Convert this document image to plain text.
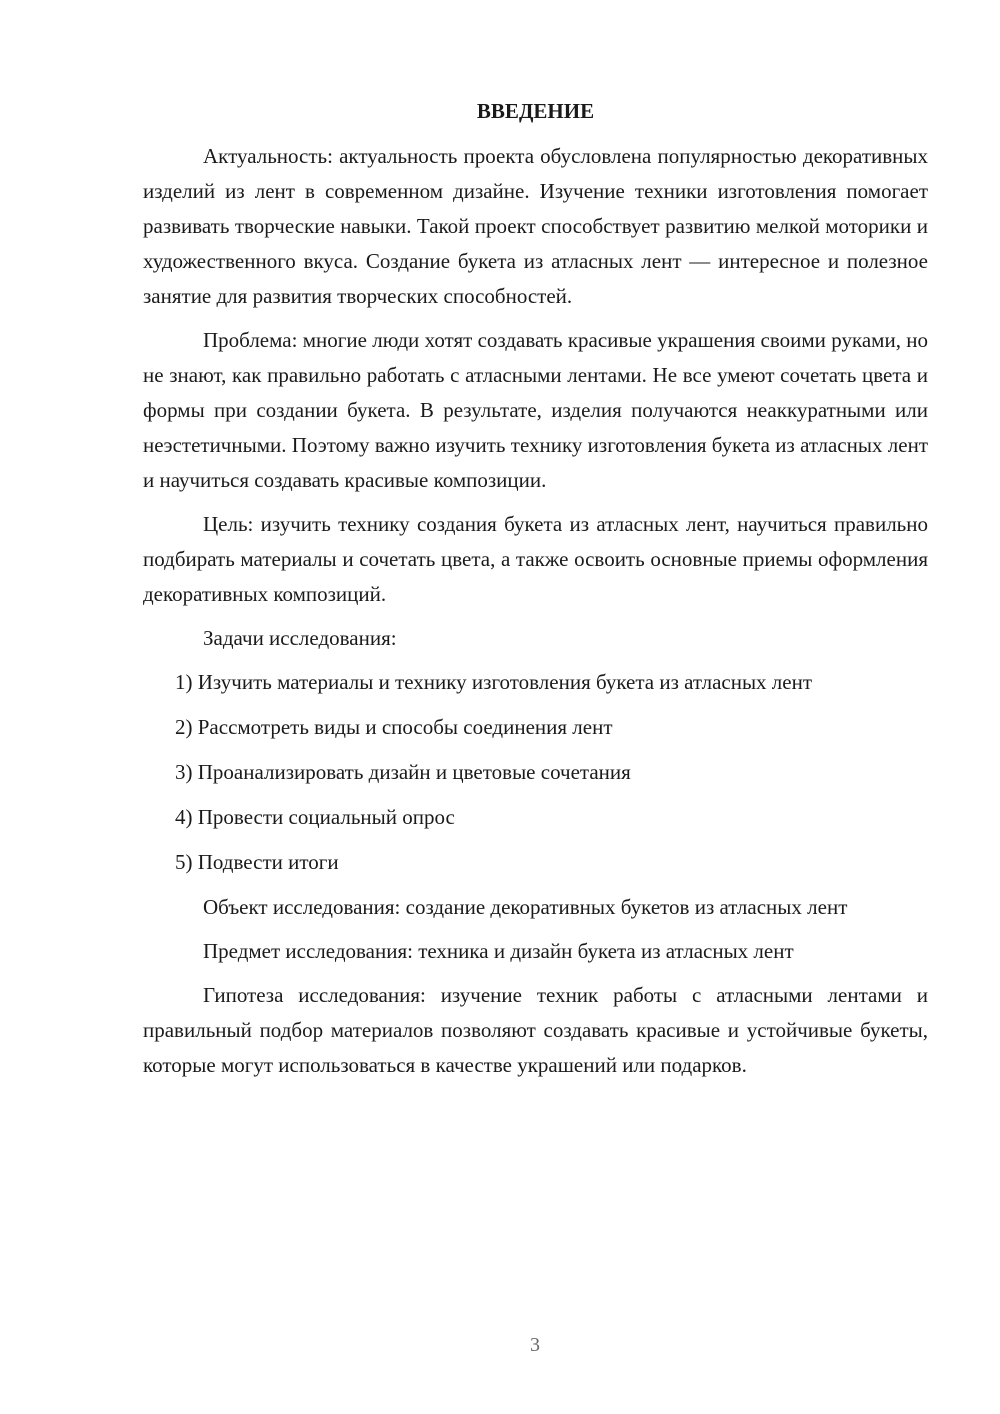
ВВЕДЕНИЕ

Актуальность: актуальность проекта обусловлена популярностью декоративных изделий из лент в современном дизайне. Изучение техники изготовления помогает развивать творческие навыки. Такой проект способствует развитию мелкой моторики и художественного вкуса. Создание букета из атласных лент — интересное и полезное занятие для развития творческих способностей.

Проблема: многие люди хотят создавать красивые украшения своими руками, но не знают, как правильно работать с атласными лентами. Не все умеют сочетать цвета и формы при создании букета. В результате, изделия получаются неаккуратными или неэстетичными. Поэтому важно изучить технику изготовления букета из атласных лент и научиться создавать красивые композиции.

Цель: изучить технику создания букета из атласных лент, научиться правильно подбирать материалы и сочетать цвета, а также освоить основные приемы оформления декоративных композиций.

Задачи исследования:

1) Изучить материалы и технику изготовления букета из атласных лент

2) Рассмотреть виды и способы соединения лент

3) Проанализировать дизайн и цветовые сочетания

4) Провести социальный опрос

5) Подвести итоги

Объект исследования: создание декоративных букетов из атласных лент

Предмет исследования: техника и дизайн букета из атласных лент

Гипотеза исследования: изучение техник работы с атласными лентами и правильный подбор материалов позволяют создавать красивые и устойчивые букеты, которые могут использоваться в качестве украшений или подарков.

3
